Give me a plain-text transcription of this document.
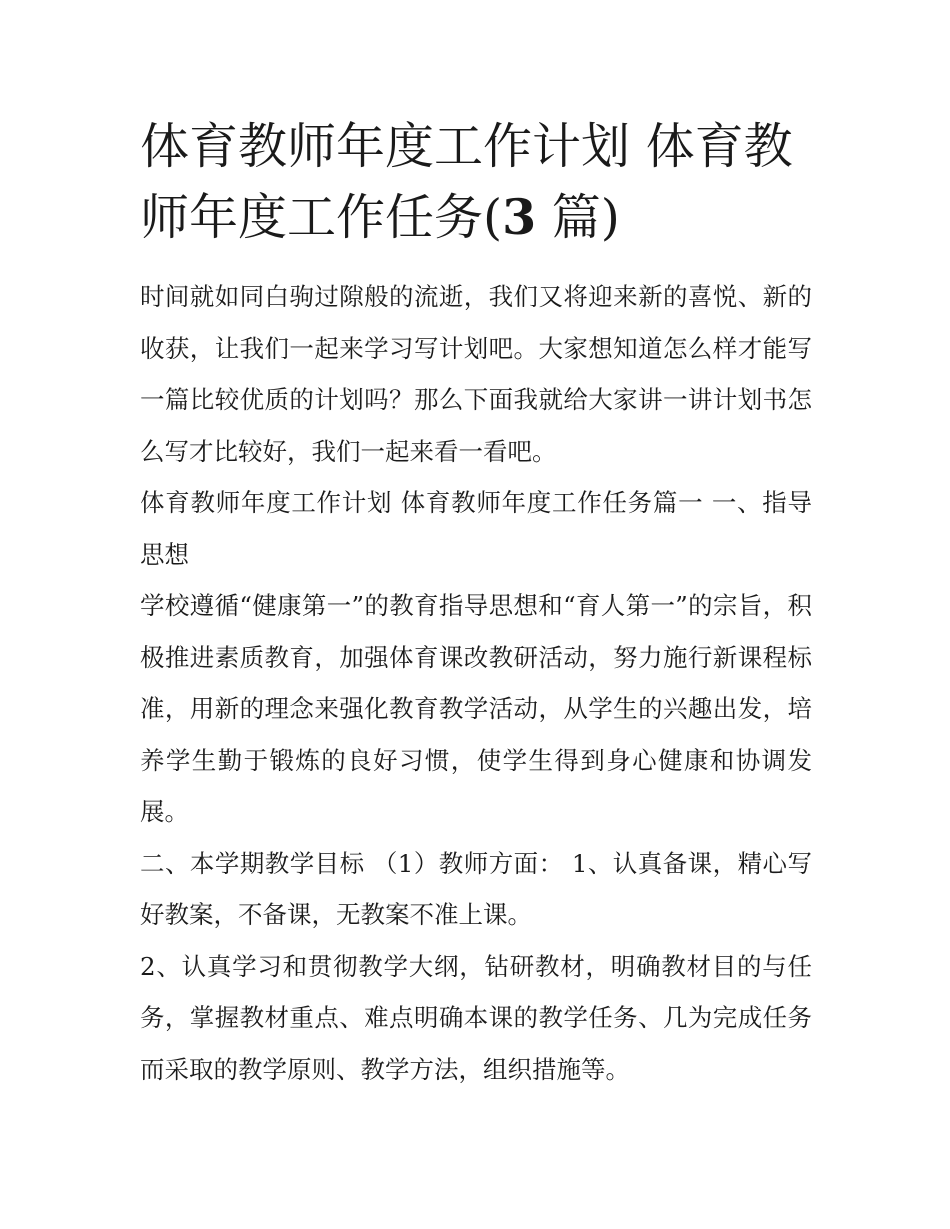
体育教师年度工作计划 体育教师年度工作任务(3 篇)

时间就如同白驹过隙般的流逝，我们又将迎来新的喜悦、新的收获，让我们一起来学习写计划吧。大家想知道怎么样才能写一篇比较优质的计划吗？那么下面我就给大家讲一讲计划书怎么写才比较好，我们一起来看一看吧。

体育教师年度工作计划 体育教师年度工作任务篇一 一、指导思想

学校遵循“健康第一”的教育指导思想和“育人第一”的宗旨，积极推进素质教育，加强体育课改教研活动，努力施行新课程标准，用新的理念来强化教育教学活动，从学生的兴趣出发，培养学生勤于锻炼的良好习惯，使学生得到身心健康和协调发展。

二、本学期教学目标 （1）教师方面： 1、认真备课，精心写好教案，不备课，无教案不准上课。

2、认真学习和贯彻教学大纲，钻研教材，明确教材目的与任务，掌握教材重点、难点明确本课的教学任务、几为完成任务而采取的教学原则、教学方法，组织措施等。
